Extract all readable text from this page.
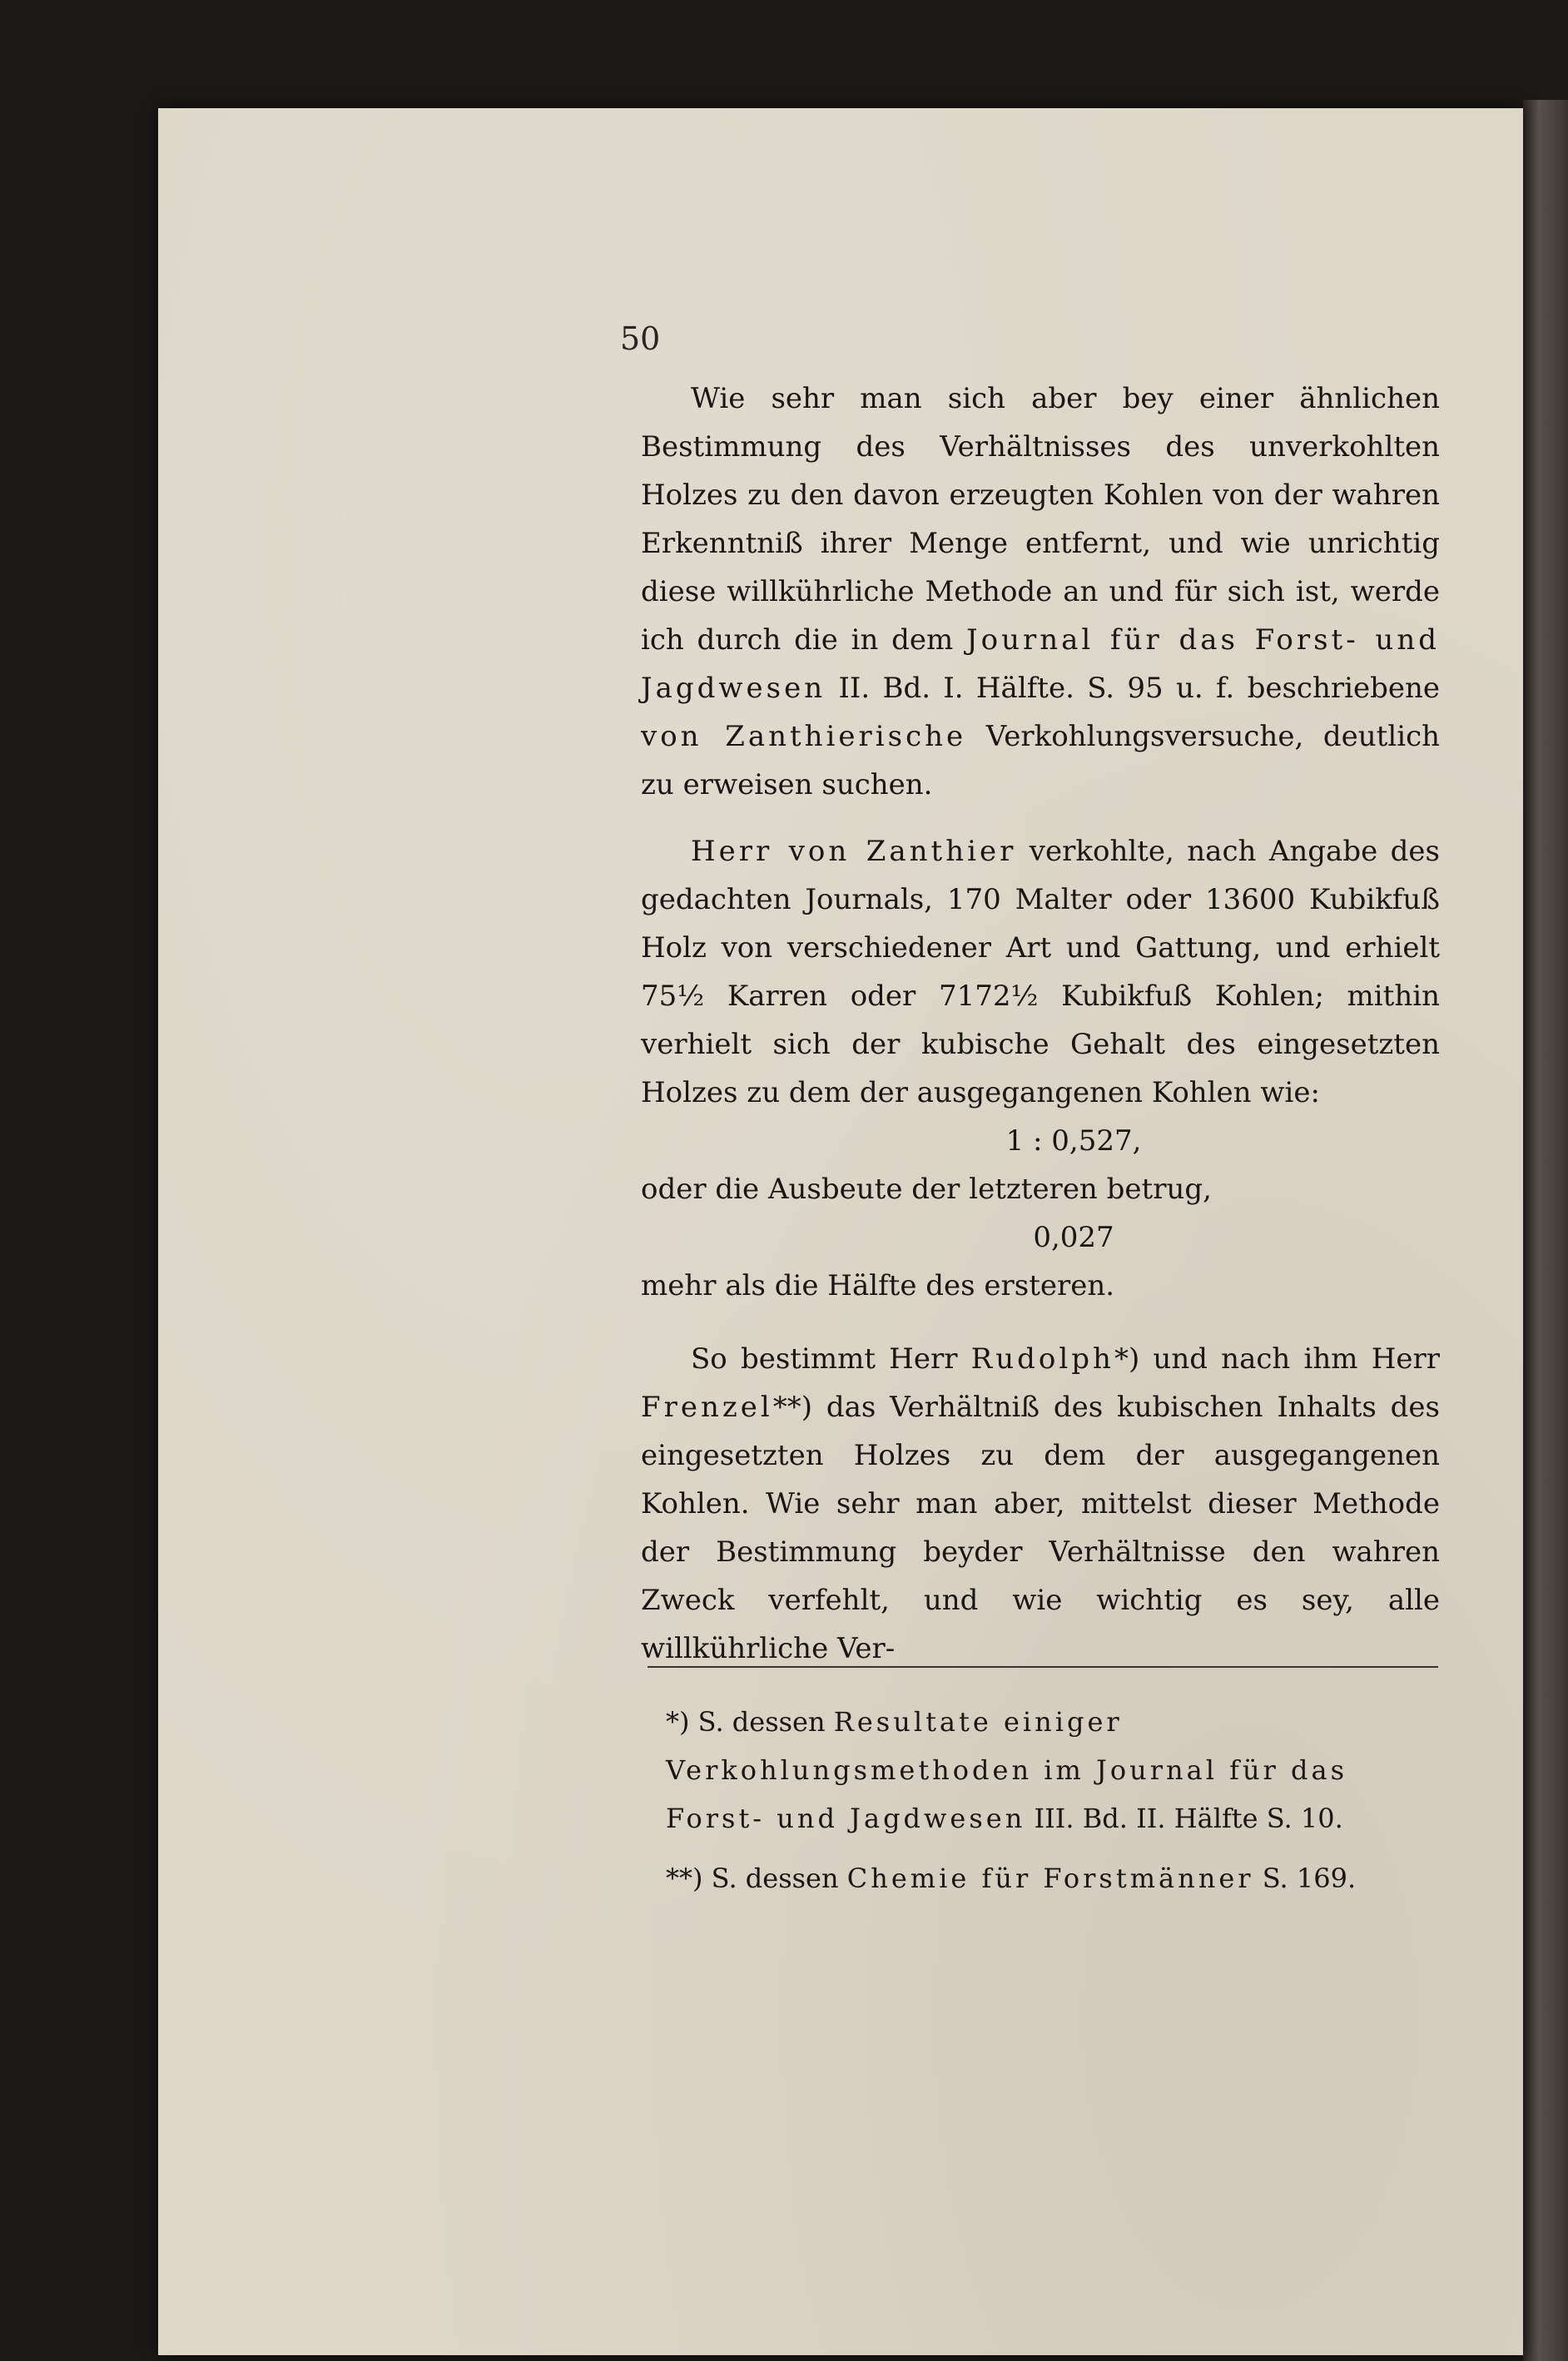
50

Wie sehr man sich aber bey einer ähnlichen Bestimmung des Verhältnisses des unverkohlten Holzes zu den davon erzeugten Kohlen von der wahren Erkenntniß ihrer Menge entfernt, und wie unrichtig diese willkührliche Methode an und für sich ist, werde ich durch die in dem Journal für das Forst- und Jagdwesen II. Bd. I. Hälfte. S. 95 u. f. beschriebene von Zanthierische Verkohlungsversuche, deutlich zu erweisen suchen.

Herr von Zanthier verkohlte, nach Angabe des gedachten Journals, 170 Malter oder 13600 Kubikfuß Holz von verschiedener Art und Gattung, und erhielt 75½ Karren oder 7172½ Kubikfuß Kohlen; mithin verhielt sich der kubische Gehalt des eingesetzten Holzes zu dem der ausgegangenen Kohlen wie:

1 : 0,527,

oder die Ausbeute der letzteren betrug,

0,027

mehr als die Hälfte des ersteren.

So bestimmt Herr Rudolph*) und nach ihm Herr Frenzel**) das Verhältniß des kubischen Inhalts des eingesetzten Holzes zu dem der ausgegangenen Kohlen. Wie sehr man aber, mittelst dieser Methode der Bestimmung beyder Verhältnisse den wahren Zweck verfehlt, und wie wichtig es sey, alle willkührliche Ver-

*) S. dessen Resultate einiger Verkohlungsmethoden im Journal für das Forst- und Jagdwesen III. Bd. II. Hälfte S. 10.

**) S. dessen Chemie für Forstmänner S. 169.
